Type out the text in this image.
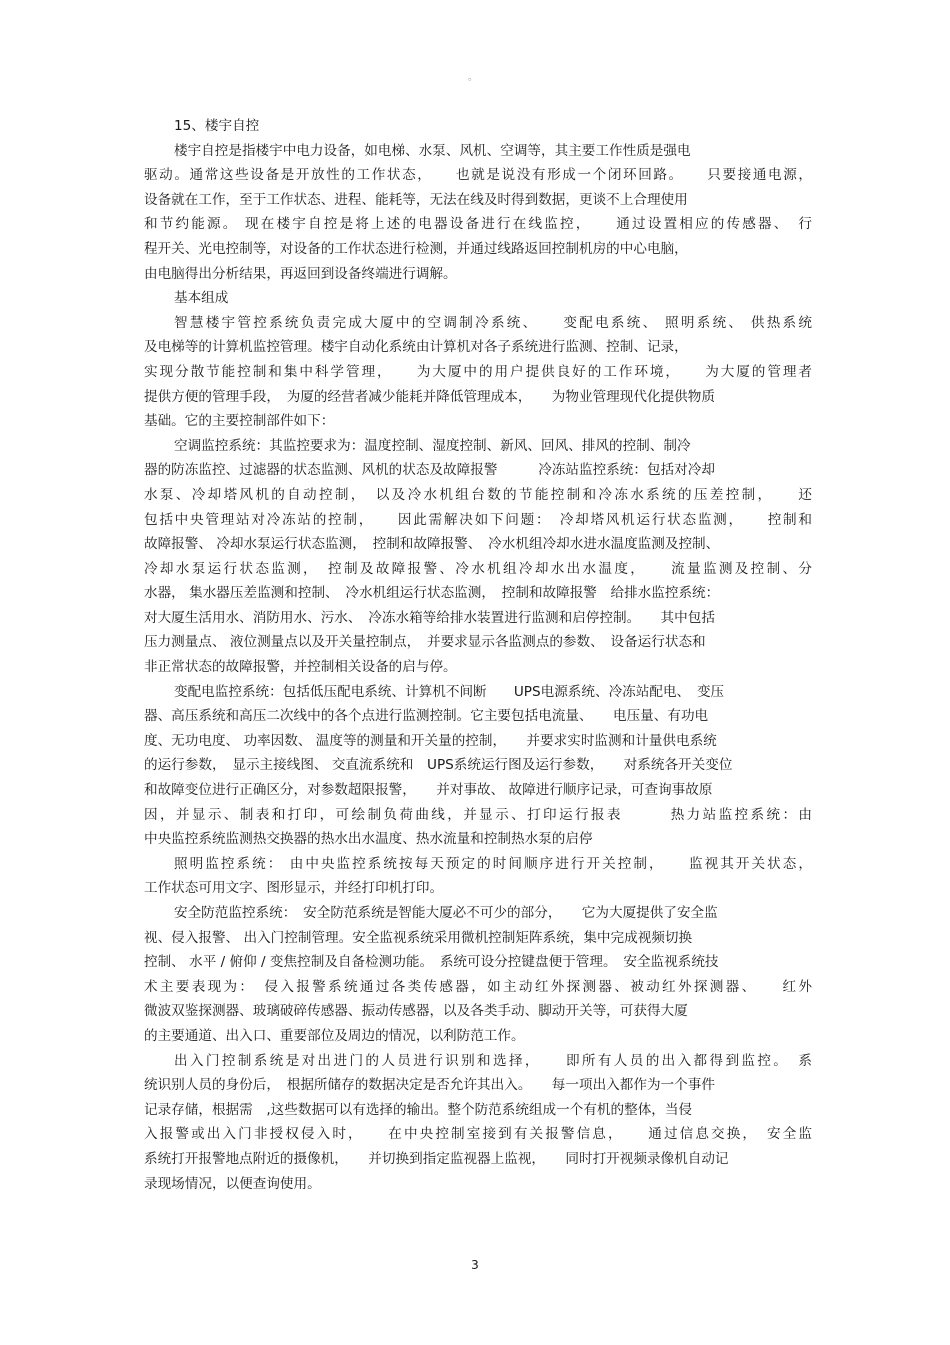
。
15、楼宇自控
楼宇自控是指楼宇中电力设备，如电梯、水泵、风机、空调等，其主要工作性质是强电
驱动。通常这些设备是开放性的工作状态，　　也就是说没有形成一个闭环回路。　　只要接通电源，
设备就在工作，至于工作状态、进程、能耗等，无法在线及时得到数据，更谈不上合理使用
和节约能源。 现在楼宇自控是将上述的电器设备进行在线监控，　　通过设置相应的传感器、　行
程开关、光电控制等，对设备的工作状态进行检测，并通过线路返回控制机房的中心电脑，
由电脑得出分析结果，再返回到设备终端进行调解。
基本组成
智慧楼宇管控系统负责完成大厦中的空调制冷系统、　　变配电系统、 照明系统、 供热系统
及电梯等的计算机监控管理。楼宇自动化系统由计算机对各子系统进行监测、控制、记录，
实现分散节能控制和集中科学管理，　　为大厦中的用户提供良好的工作环境，　　为大厦的管理者
提供方便的管理手段，　为厦的经营者减少能耗并降低管理成本，　　为物业管理现代化提供物质
基础。它的主要控制部件如下：
空调监控系统：其监控要求为：温度控制、湿度控制、新风、回风、排风的控制、制冷
器的防冻监控、过滤器的状态监测、风机的状态及故障报警　　　冷冻站监控系统：包括对冷却
水泵、冷却塔风机的自动控制，　以及冷水机组台数的节能控制和冷冻水系统的压差控制，　　还
包括中央管理站对冷冻站的控制，　　因此需解决如下问题：　冷却塔风机运行状态监测，　　控制和
故障报警、 冷却水泵运行状态监测，　控制和故障报警、　冷水机组冷却水进水温度监测及控制、
冷却水泵运行状态监测，　控制及故障报警、冷水机组冷却水出水温度，　　流量监测及控制、分
水器， 集水器压差监测和控制、　冷水机组运行状态监测，　控制和故障报警　给排水监控系统：
对大厦生活用水、消防用水、污水、　冷冻水箱等给排水装置进行监测和启停控制。　　其中包括
压力测量点、 液位测量点以及开关量控制点，　并要求显示各监测点的参数、　设备运行状态和
非正常状态的故障报警，并控制相关设备的启与停。
变配电监控系统：包括低压配电系统、计算机不间断　　UPS电源系统、冷冻站配电、　变压
器、高压系统和高压二次线中的各个点进行监测控制。它主要包括电流量、　　电压量、有功电
度、无功电度、 功率因数、 温度等的测量和开关量的控制，　　并要求实时监测和计量供电系统
的运行参数，　显示主接线图、 交直流系统和　UPS系统运行图及运行参数，　　对系统各开关变位
和故障变位进行正确区分，对参数超限报警，　　并对事故、 故障进行顺序记录，可查询事故原
因，并显示、制表和打印，可绘制负荷曲线，并显示、打印运行报表　　　热力站监控系统：由
中央监控系统监测热交换器的热水出水温度、热水流量和控制热水泵的启停
照明监控系统： 由中央监控系统按每天预定的时间顺序进行开关控制，　　监视其开关状态，
工作状态可用文字、图形显示，并经打印机打印。
安全防范监控系统：　安全防范系统是智能大厦必不可少的部分，　　它为大厦提供了安全监
视、侵入报警、 出入门控制管理。安全监视系统采用微机控制矩阵系统，集中完成视频切换
控制、 水平 / 俯仰 / 变焦控制及自备检测功能。　系统可设分控键盘便于管理。　安全监视系统技
术主要表现为：　侵入报警系统通过各类传感器，如主动红外探测器、被动红外探测器、　　红外
微波双鉴探测器、玻璃破碎传感器、振动传感器，以及各类手动、脚动开关等，可获得大厦
的主要通道、出入口、重要部位及周边的情况，以利防范工作。
出入门控制系统是对出进门的人员进行识别和选择，　　即所有人员的出入都得到监控。　系
统识别人员的身份后，　根据所储存的数据决定是否允许其出入。　　每一项出入都作为一个事件
记录存储，根据需　,这些数据可以有选择的输出。整个防范系统组成一个有机的整体，当侵
入报警或出入门非授权侵入时，　　在中央控制室接到有关报警信息，　　通过信息交换，　安全监
系统打开报警地点附近的摄像机，　　并切换到指定监视器上监视，　　同时打开视频录像机自动记
录现场情况，以便查询使用。
3
